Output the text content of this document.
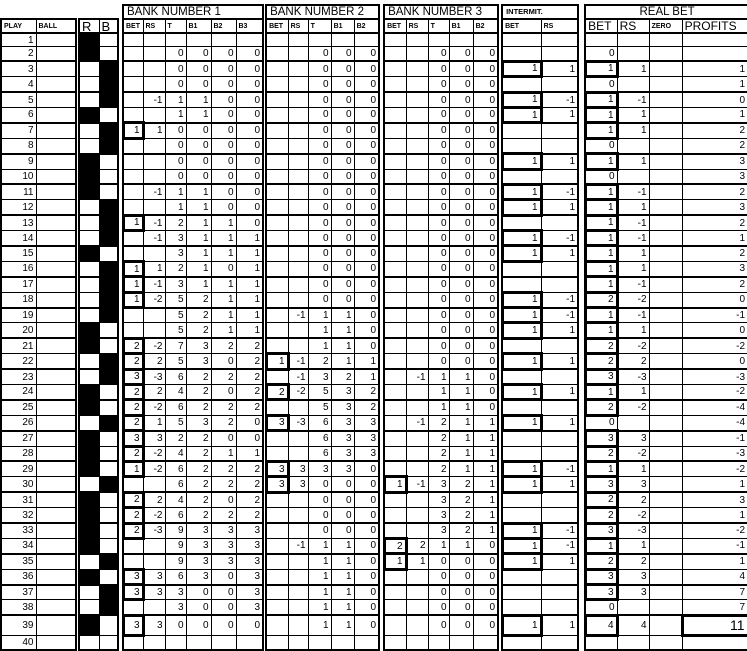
						BANK NUMBER 1							BANK NUMBER 2						BANK NUMBER 3						INTERMIT.			REAL BET			
PLAY	BALL		R	B		BET	RS	T	B1	B2	B3		BET	RS	T	B1	B2		BET	RS	T	B1	B2		BET	RS		BET	RS	ZERO	PROFITS
1																															
2								0	0	0	0				0	0	0				0	0	0					0			
3								0	0	0	0				0	0	0				0	0	0		1	1		1	1		1
4								0	0	0	0				0	0	0				0	0	0					0			1
5							-1	1	1	0	0				0	0	0				0	0	0		1	-1		1	-1		0
6								1	1	0	0				0	0	0				0	0	0		1	1		1	1		1
7						1	1	0	0	0	0				0	0	0				0	0	0					1	1		2
8								0	0	0	0				0	0	0				0	0	0					0			2
9								0	0	0	0				0	0	0				0	0	0		1	1		1	1		3
10								0	0	0	0				0	0	0				0	0	0					0			3
11							-1	1	1	0	0				0	0	0				0	0	0		1	-1		1	-1		2
12								1	1	0	0				0	0	0				0	0	0		1	1		1	1		3
13						1	-1	2	1	1	0				0	0	0				0	0	0					1	-1		2
14							-1	3	1	1	1				0	0	0				0	0	0		1	-1		1	-1		1
15								3	1	1	1				0	0	0				0	0	0		1	1		1	1		2
16						1	1	2	1	0	1				0	0	0				0	0	0					1	1		3
17						1	-1	3	1	1	1				0	0	0				0	0	0					1	-1		2
18						1	-2	5	2	1	1				0	0	0				0	0	0		1	-1		2	-2		0
19								5	2	1	1			-1	1	1	0				0	0	0		1	-1		1	-1		-1
20								5	2	1	1				1	1	0				0	0	0		1	1		1	1		0
21						2	-2	7	3	2	2				1	1	0				0	0	0					2	-2		-2
22						2	2	5	3	0	2		1	-1	2	1	1				0	0	0		1	1		2	2		0
23						3	-3	6	2	2	2			-1	3	2	1			-1	1	1	0					3	-3		-3
24						2	2	4	2	0	2		2	-2	5	3	2				1	1	0		1	1		1	1		-2
25						2	-2	6	2	2	2				5	3	2				1	1	0					2	-2		-4
26						2	1	5	3	2	0		3	-3	6	3	3			-1	2	1	1		1	1		0			-4
27						3	3	2	2	0	0				6	3	3				2	1	1					3	3		-1
28						2	-2	4	2	1	1				6	3	3				2	1	1					2	-2		-3
29						1	-2	6	2	2	2		3	3	3	3	0				2	1	1		1	-1		1	1		-2
30								6	2	2	2		3	3	0	0	0		1	-1	3	2	1		1	1		3	3		1
31						2	2	4	2	0	2				0	0	0				3	2	1					2	2		3
32						2	-2	6	2	2	2				0	0	0				3	2	1					2	-2		1
33						2	-3	9	3	3	3				0	0	0				3	2	1		1	-1		3	-3		-2
34								9	3	3	3			-1	1	1	0		2	2	1	1	0		1	-1		1	1		-1
35								9	3	3	3				1	1	0		1	1	0	0	0		1	1		2	2		1
36						3	3	6	3	0	3				1	1	0				0	0	0					3	3		4
37						3	3	3	0	0	3				1	1	0				0	0	0					3	3		7
38								3	0	0	3				1	1	0				0	0	0					0			7
39						3	3	0	0	0	0				1	1	0				0	0	0		1	1		4	4		11
40																															
